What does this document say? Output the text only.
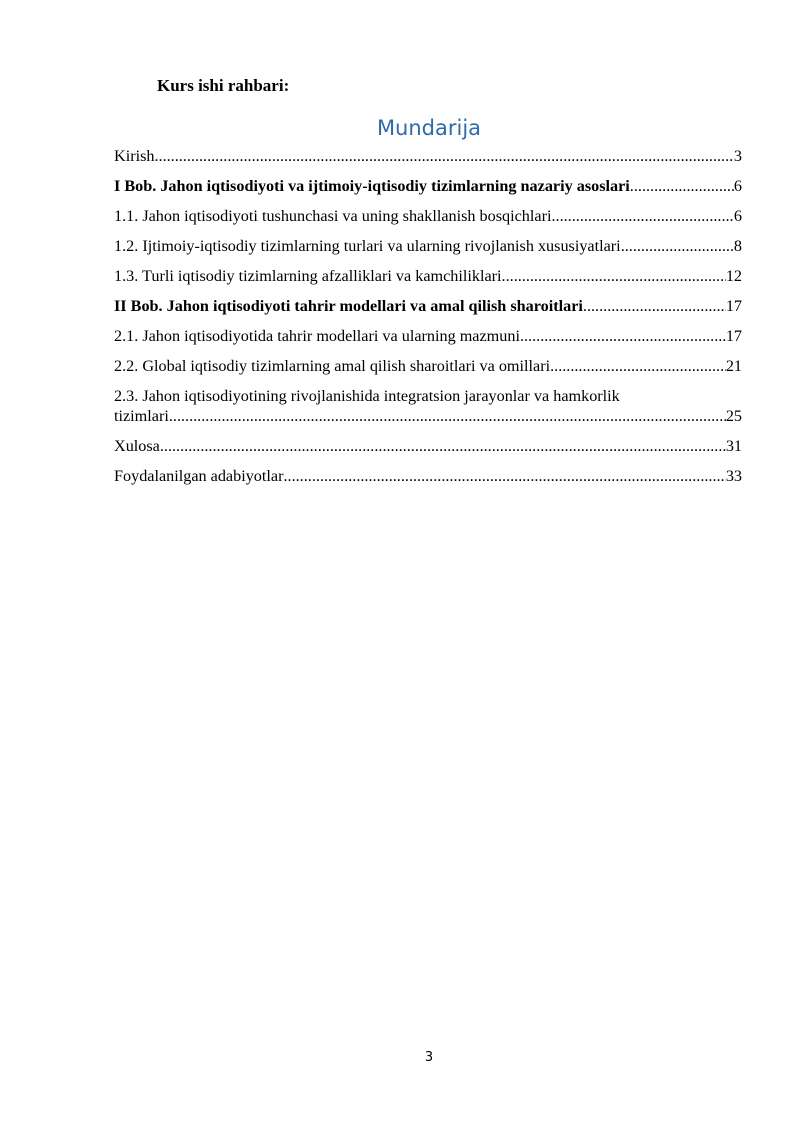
Kurs ishi rahbari:
Mundarija
Kirish .....	3
I Bob. Jahon iqtisodiyoti va ijtimoiy-iqtisodiy tizimlarning nazariy asoslari .....	6
1.1. Jahon iqtisodiyoti tushunchasi va uning shakllanish bosqichlari .....	6
1.2. Ijtimoiy-iqtisodiy tizimlarning turlari va ularning rivojlanish xususiyatlari .....	8
1.3. Turli iqtisodiy tizimlarning afzalliklari va kamchiliklari .....	12
II Bob. Jahon iqtisodiyoti tahrir modellari va amal qilish sharoitlari .....	17
2.1. Jahon iqtisodiyotida tahrir modellari va ularning mazmuni .....	17
2.2. Global iqtisodiy tizimlarning amal qilish sharoitlari va omillari .....	21
2.3. Jahon iqtisodiyotining rivojlanishida integratsion jarayonlar va hamkorlik
tizimlari .....	25
Xulosa .....	31
Foydalanilgan adabiyotlar .....	33
3
